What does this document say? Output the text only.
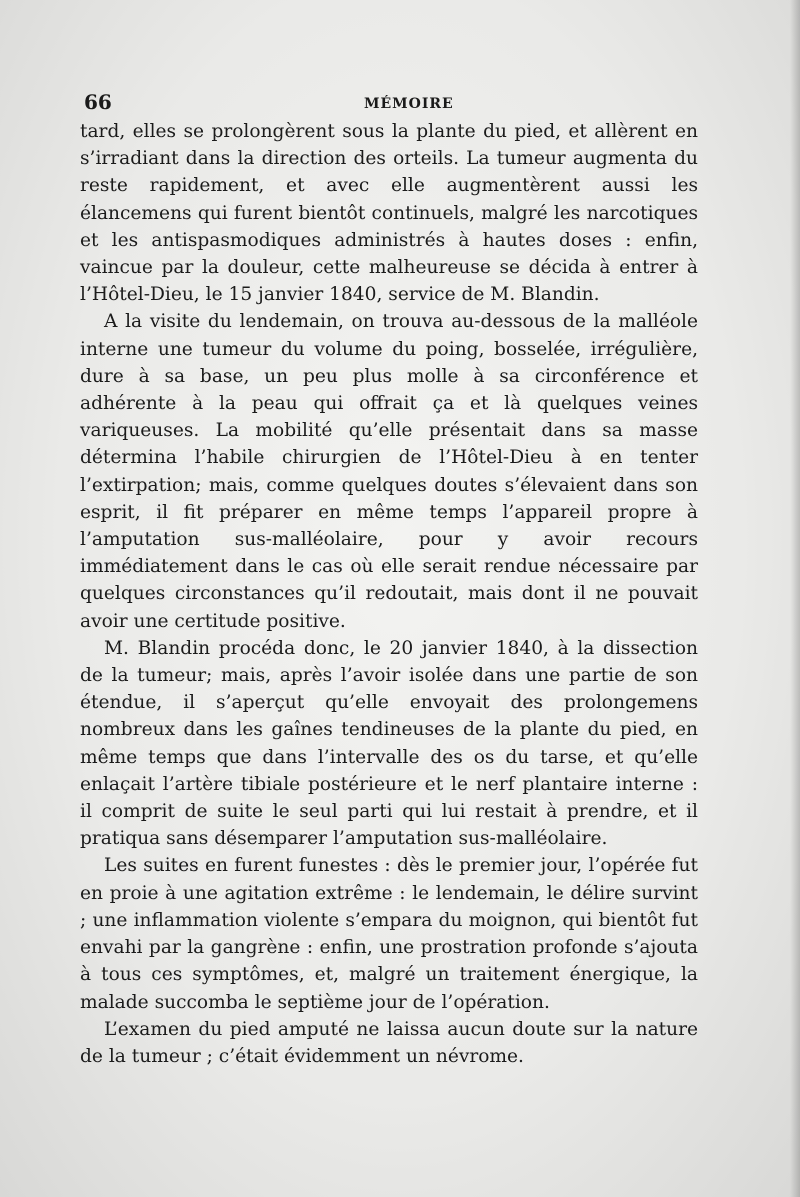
66	MÉMOIRE

tard, elles se prolongèrent sous la plante du pied, et allèrent en s’irradiant dans la direction des orteils. La tumeur augmenta du reste rapidement, et avec elle augmentèrent aussi les élancemens qui furent bientôt continuels, malgré les narcotiques et les antispasmodiques administrés à hautes doses : enfin, vaincue par la douleur, cette malheureuse se décida à entrer à l’Hôtel-Dieu, le 15 janvier 1840, service de M. Blandin.

A la visite du lendemain, on trouva au-dessous de la malléole interne une tumeur du volume du poing, bosselée, irrégulière, dure à sa base, un peu plus molle à sa circonférence et adhérente à la peau qui offrait ça et là quelques veines variqueuses. La mobilité qu’elle présentait dans sa masse détermina l’habile chirurgien de l’Hôtel-Dieu à en tenter l’extirpation; mais, comme quelques doutes s’élevaient dans son esprit, il fit préparer en même temps l’appareil propre à l’amputation sus-malléolaire, pour y avoir recours immédiatement dans le cas où elle serait rendue nécessaire par quelques circonstances qu’il redoutait, mais dont il ne pouvait avoir une certitude positive.

M. Blandin procéda donc, le 20 janvier 1840, à la dissection de la tumeur; mais, après l’avoir isolée dans une partie de son étendue, il s’aperçut qu’elle envoyait des prolongemens nombreux dans les gaînes tendineuses de la plante du pied, en même temps que dans l’intervalle des os du tarse, et qu’elle enlaçait l’artère tibiale postérieure et le nerf plantaire interne : il comprit de suite le seul parti qui lui restait à prendre, et il pratiqua sans désemparer l’amputation sus-malléolaire.

Les suites en furent funestes : dès le premier jour, l’opérée fut en proie à une agitation extrême : le lendemain, le délire survint ; une inflammation violente s’empara du moignon, qui bientôt fut envahi par la gangrène : enfin, une prostration profonde s’ajouta à tous ces symptômes, et, malgré un traitement énergique, la malade succomba le septième jour de l’opération.

L’examen du pied amputé ne laissa aucun doute sur la nature de la tumeur ; c’était évidemment un névrome.
